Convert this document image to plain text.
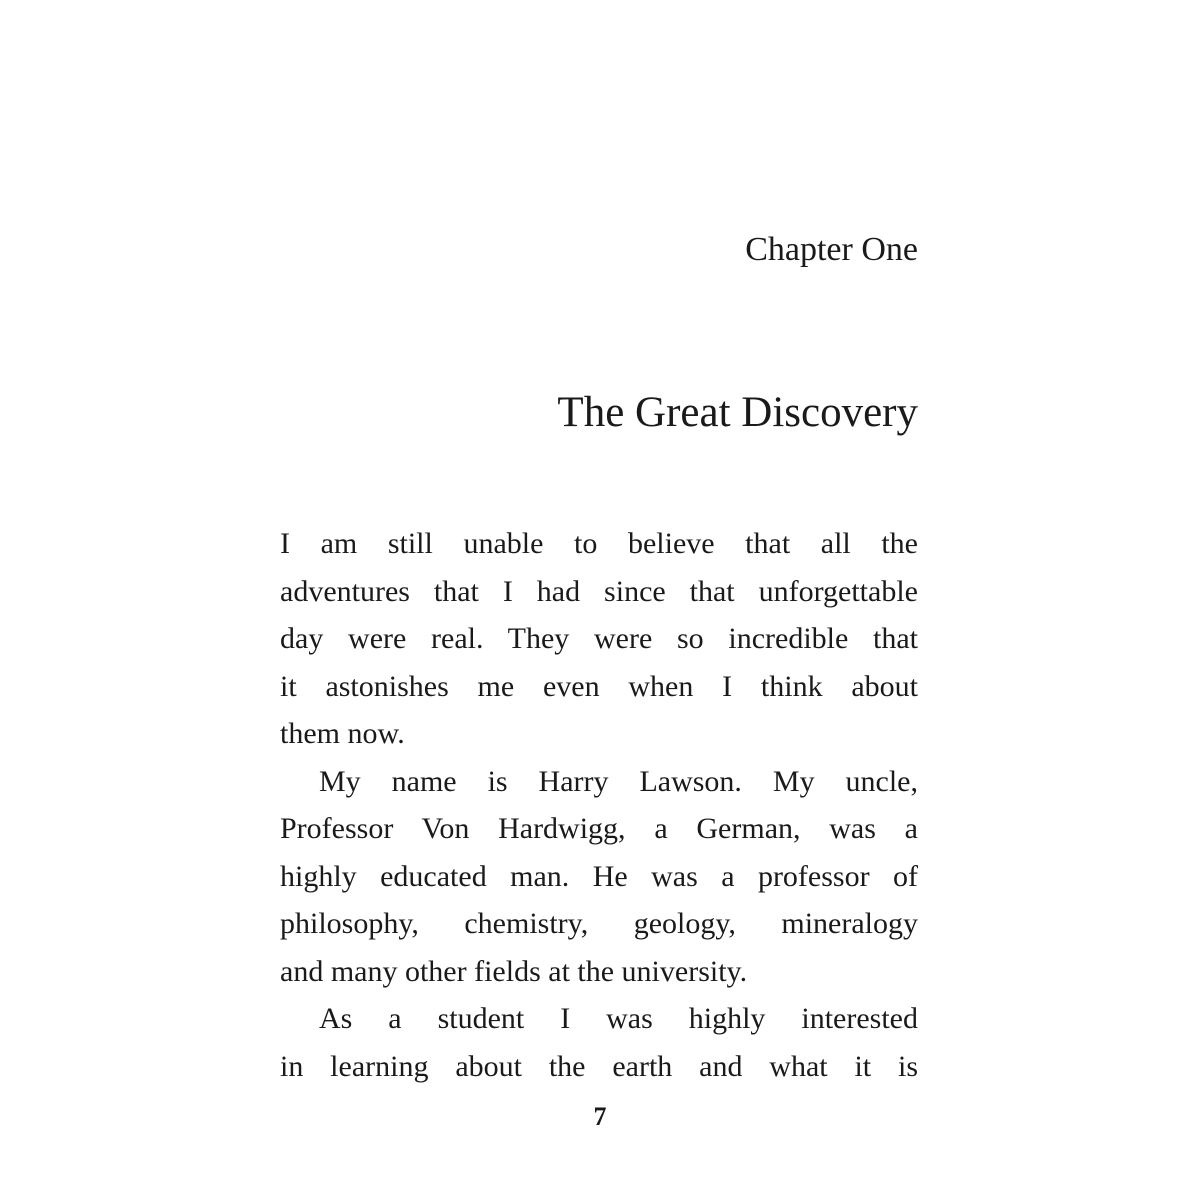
Chapter One
The Great Discovery
I am still unable to believe that all the
adventures that I had since that unforgettable
day were real. They were so incredible that
it astonishes me even when I think about
them now.
My name is Harry Lawson. My uncle,
Professor Von Hardwigg, a German, was a
highly educated man. He was a professor of
philosophy, chemistry, geology, mineralogy
and many other fields at the university.
As a student I was highly interested
in learning about the earth and what it is
7
